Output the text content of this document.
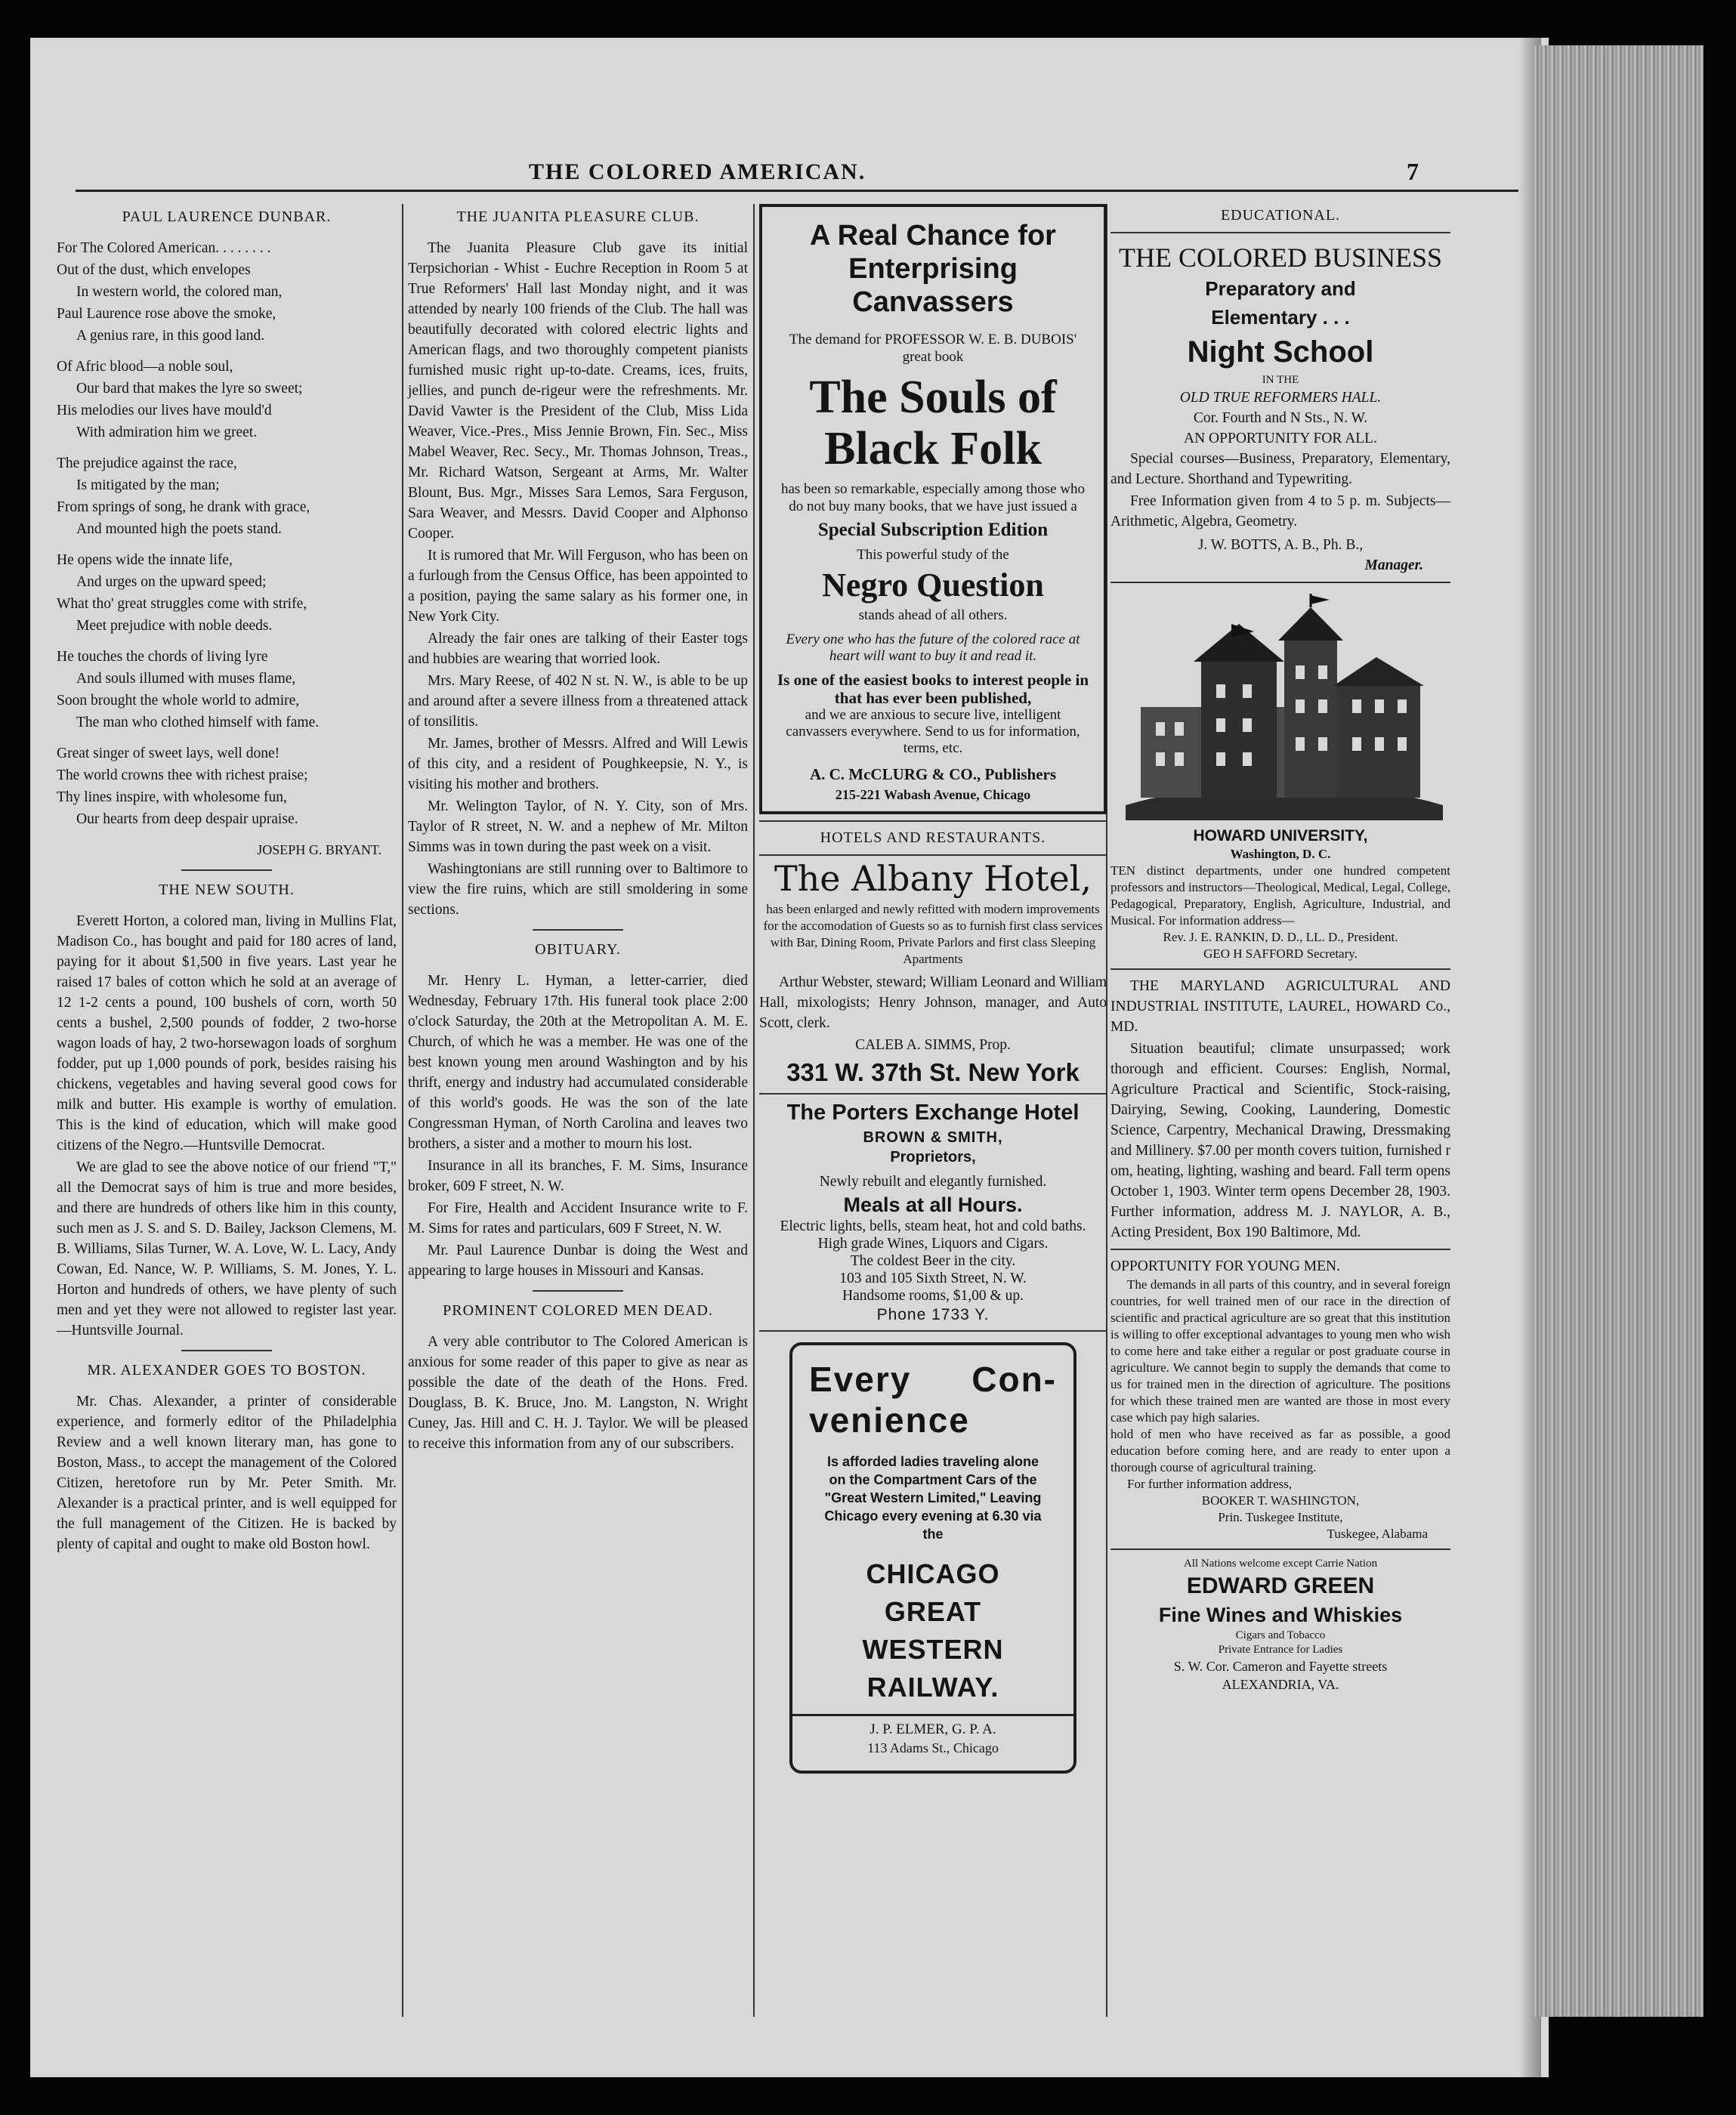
THE COLORED AMERICAN.	7
PAUL LAURENCE DUNBAR.

For The Colored American. . . . . . . .

Out of the dust, which envelopes

In western world, the colored man,

Paul Laurence rose above the smoke,

A genius rare, in this good land.

Of Afric blood—a noble soul,

Our bard that makes the lyre so sweet;

His melodies our lives have mould'd

With admiration him we greet.

The prejudice against the race,

Is mitigated by the man;

From springs of song, he drank with grace,

And mounted high the poets stand.

He opens wide the innate life,

And urges on the upward speed;

What tho' great struggles come with strife,

Meet prejudice with noble deeds.

He touches the chords of living lyre

And souls illumed with muses flame,

Soon brought the whole world to admire,

The man who clothed himself with fame.

Great singer of sweet lays, well done!

The world crowns thee with richest praise;

Thy lines inspire, with wholesome fun,

Our hearts from deep despair upraise.

JOSEPH G. BRYANT.
THE NEW SOUTH.

Everett Horton, a colored man, living in Mullins Flat, Madison Co., has bought and paid for 180 acres of land, paying for it about $1,500 in five years. Last year he raised 17 bales of cotton which he sold at an average of 12 1-2 cents a pound, 100 bushels of corn, worth 50 cents a bushel, 2,500 pounds of fodder, 2 two-horse wagon loads of hay, 2 two-horsewagon loads of sorghum fodder, put up 1,000 pounds of pork, besides raising his chickens, vegetables and having several good cows for milk and butter. His example is worthy of emulation. This is the kind of education, which will make good citizens of the Negro.—Huntsville Democrat.

We are glad to see the above notice of our friend "T," all the Democrat says of him is true and more besides, and there are hundreds of others like him in this county, such men as J. S. and S. D. Bailey, Jackson Clemens, M. B. Williams, Silas Turner, W. A. Love, W. L. Lacy, Andy Cowan, Ed. Nance, W. P. Williams, S. M. Jones, Y. L. Horton and hundreds of others, we have plenty of such men and yet they were not allowed to register last year. —Huntsville Journal.

MR. ALEXANDER GOES TO BOSTON.

Mr. Chas. Alexander, a printer of considerable experience, and formerly editor of the Philadelphia Review and a well known literary man, has gone to Boston, Mass., to accept the management of the Colored Citizen, heretofore run by Mr. Peter Smith. Mr. Alexander is a practical printer, and is well equipped for the full management of the Citizen. He is backed by plenty of capital and ought to make old Boston howl.

THE JUANITA PLEASURE CLUB.

The Juanita Pleasure Club gave its initial Terpsichorian - Whist - Euchre Reception in Room 5 at True Reformers' Hall last Monday night, and it was attended by nearly 100 friends of the Club. The hall was beautifully decorated with colored electric lights and American flags, and two thoroughly competent pianists furnished music right up-to-date. Creams, ices, fruits, jellies, and punch de-rigeur were the refreshments. Mr. David Vawter is the President of the Club, Miss Lida Weaver, Vice.-Pres., Miss Jennie Brown, Fin. Sec., Miss Mabel Weaver, Rec. Secy., Mr. Thomas Johnson, Treas., Mr. Richard Watson, Sergeant at Arms, Mr. Walter Blount, Bus. Mgr., Misses Sara Lemos, Sara Ferguson, Sara Weaver, and Messrs. David Cooper and Alphonso Cooper.

It is rumored that Mr. Will Ferguson, who has been on a furlough from the Census Office, has been appointed to a position, paying the same salary as his former one, in New York City.

Already the fair ones are talking of their Easter togs and hubbies are wearing that worried look.

Mrs. Mary Reese, of 402 N st. N. W., is able to be up and around after a severe illness from a threatened attack of tonsilitis.

Mr. James, brother of Messrs. Alfred and Will Lewis of this city, and a resident of Poughkeepsie, N. Y., is visiting his mother and brothers.

Mr. Welington Taylor, of N. Y. City, son of Mrs. Taylor of R street, N. W. and a nephew of Mr. Milton Simms was in town during the past week on a visit.

Washingtonians are still running over to Baltimore to view the fire ruins, which are still smoldering in some sections.

OBITUARY.

Mr. Henry L. Hyman, a letter-carrier, died Wednesday, February 17th. His funeral took place 2:00 o'clock Saturday, the 20th at the Metropolitan A. M. E. Church, of which he was a member. He was one of the best known young men around Washington and by his thrift, energy and industry had accumulated considerable of this world's goods. He was the son of the late Congressman Hyman, of North Carolina and leaves two brothers, a sister and a mother to mourn his lost.

Insurance in all its branches, F. M. Sims, Insurance broker, 609 F street, N. W.

For Fire, Health and Accident Insurance write to F. M. Sims for rates and particulars, 609 F Street, N. W.

Mr. Paul Laurence Dunbar is doing the West and appearing to large houses in Missouri and Kansas.

PROMINENT COLORED MEN DEAD.

A very able contributor to The Colored American is anxious for some reader of this paper to give as near as possible the date of the death of the Hons. Fred. Douglass, B. K. Bruce, Jno. M. Langston, N. Wright Cuney, Jas. Hill and C. H. J. Taylor. We will be pleased to receive this information from any of our subscribers.

A Real Chance for Enterprising Canvassers
The demand for PROFESSOR W. E. B. DUBOIS' great book
The Souls of Black Folk
has been so remarkable, especially among those who do not buy many books, that we have just issued a
Special Subscription Edition
This powerful study of the
Negro Question
stands ahead of all others.
Every one who has the future of the colored race at heart will want to buy it and read it.
Is one of the easiest books to interest people in that has ever been published,
and we are anxious to secure live, intelligent canvassers everywhere. Send to us for information, terms, etc.
A. C. McCLURG & CO., Publishers
215-221 Wabash Avenue, Chicago
HOTELS AND RESTAURANTS.
The Albany Hotel,
has been enlarged and newly refitted with modern improvements for the accomodation of Guests so as to furnish first class services with Bar, Dining Room, Private Parlors and first class Sleeping Apartments

Arthur Webster, steward; William Leonard and William Hall, mixologists; Henry Johnson, manager, and Auto Scott, clerk.

CALEB A. SIMMS, Prop.
331 W. 37th St. New York
The Porters Exchange Hotel
BROWN & SMITH,
Proprietors,
Newly rebuilt and elegantly furnished.
Meals at all Hours.
Electric lights, bells, steam heat, hot and cold baths.
High grade Wines, Liquors and Cigars.
The coldest Beer in the city.
103 and 105 Sixth Street, N. W.
Handsome rooms, $1,00 & up.
Phone 1733 Y.
Every Con- venience
Is afforded ladies traveling alone on the Compartment Cars of the "Great Western Limited," Leaving Chicago every evening at 6.30 via the
CHICAGO GREAT WESTERN RAILWAY.
J. P. ELMER, G. P. A.
113 Adams St., Chicago
EDUCATIONAL.
THE COLORED BUSINESS
Preparatory and
Elementary . . .
Night School
IN THE
OLD TRUE REFORMERS HALL.
Cor. Fourth and N Sts., N. W.
AN OPPORTUNITY FOR ALL.

Special courses—Business, Preparatory, Elementary, and Lecture. Shorthand and Typewriting.

Free Information given from 4 to 5 p. m. Subjects—Arithmetic, Algebra, Geometry.

J. W. BOTTS, A. B., Ph. B.,
Manager.
HOWARD UNIVERSITY,
Washington, D. C.
TEN distinct departments, under one hundred competent professors and instructors—Theological, Medical, Legal, College, Pedagogical, Preparatory, English, Agriculture, Industrial, and Musical. For information address—
Rev. J. E. RANKIN, D. D., LL. D., President.
GEO H SAFFORD Secretary.

THE MARYLAND AGRICULTURAL AND INDUSTRIAL INSTITUTE, LAUREL, HOWARD Co., MD.

Situation beautiful; climate unsurpassed; work thorough and efficient. Courses: English, Normal, Agriculture Practical and Scientific, Stock-raising, Dairying, Sewing, Cooking, Laundering, Domestic Science, Carpentry, Mechanical Drawing, Dressmaking and Millinery. $7.00 per month covers tuition, furnished r om, heating, lighting, washing and beard. Fall term opens October 1, 1903. Winter term opens December 28, 1903. Further information, address M. J. NAYLOR, A. B., Acting President, Box 190 Baltimore, Md.

OPPORTUNITY FOR YOUNG MEN.
The demands in all parts of this country, and in several foreign countries, for well trained men of our race in the direction of scientific and practical agriculture are so great that this institution is willing to offer exceptional advantages to young men who wish to come here and take either a regular or post graduate course in agriculture. We cannot begin to supply the demands that come to us for trained men in the direction of agriculture. The positions for which these trained men are wanted are those in most every case which pay high salaries.
hold of men who have received as far as possible, a good education before coming here, and are ready to enter upon a thorough course of agricultural training.
For further information address,
BOOKER T. WASHINGTON,
Prin. Tuskegee Institute,
Tuskegee, Alabama
All Nations welcome except Carrie Nation
EDWARD GREEN
Fine Wines and Whiskies
Cigars and Tobacco
Private Entrance for Ladies
S. W. Cor. Cameron and Fayette streets
ALEXANDRIA, VA.
